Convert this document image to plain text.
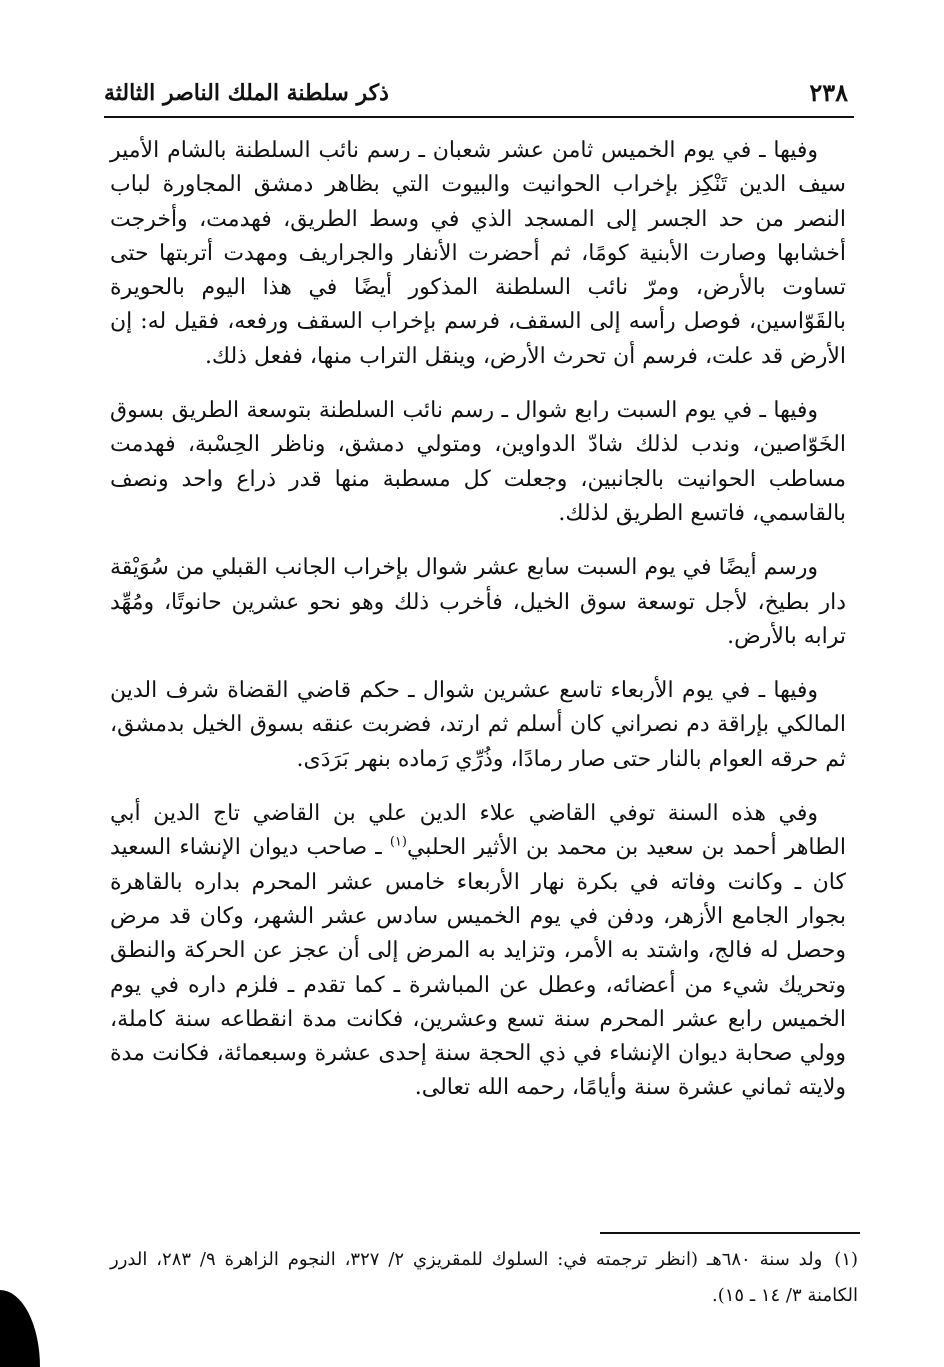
ذكر سلطنة الملك الناصر الثالثة	٢٣٨

وفيها ـ في يوم الخميس ثامن عشر شعبان ـ رسم نائب السلطنة بالشام الأمير سيف الدين تَنْكِز بإخراب الحوانيت والبيوت التي بظاهر دمشق المجاورة لباب النصر من حد الجسر إلى المسجد الذي في وسط الطريق، فهدمت، وأخرجت أخشابها وصارت الأبنية كومًا، ثم أحضرت الأنفار والجراريف ومهدت أتربتها حتى تساوت بالأرض، ومرّ نائب السلطنة المذكور أيضًا في هذا اليوم بالحويرة بالقَوّاسين، فوصل رأسه إلى السقف، فرسم بإخراب السقف ورفعه، فقيل له: إن الأرض قد علت، فرسم أن تحرث الأرض، وينقل التراب منها، ففعل ذلك.

وفيها ـ في يوم السبت رابع شوال ـ رسم نائب السلطنة بتوسعة الطريق بسوق الخَوّاصين، وندب لذلك شادّ الدواوين، ومتولي دمشق، وناظر الحِسْبة، فهدمت مساطب الحوانيت بالجانبين، وجعلت كل مسطبة منها قدر ذراع واحد ونصف بالقاسمي، فاتسع الطريق لذلك.

ورسم أيضًا في يوم السبت سابع عشر شوال بإخراب الجانب القبلي من سُوَيْقة دار بطيخ، لأجل توسعة سوق الخيل، فأخرب ذلك وهو نحو عشرين حانوتًا، ومُهِّد ترابه بالأرض.

وفيها ـ في يوم الأربعاء تاسع عشرين شوال ـ حكم قاضي القضاة شرف الدين المالكي بإراقة دم نصراني كان أسلم ثم ارتد، فضربت عنقه بسوق الخيل بدمشق، ثم حرقه العوام بالنار حتى صار رمادًا، وذُرِّي رَماده بنهر بَرَدَى.

وفي هذه السنة توفي القاضي علاء الدين علي بن القاضي تاج الدين أبي الطاهر أحمد بن سعيد بن محمد بن الأثير الحلبي$^{(١)}$ ـ صاحب ديوان الإنشاء السعيد كان ـ وكانت وفاته في بكرة نهار الأربعاء خامس عشر المحرم بداره بالقاهرة بجوار الجامع الأزهر، ودفن في يوم الخميس سادس عشر الشهر، وكان قد مرض وحصل له فالج، واشتد به الأمر، وتزايد به المرض إلى أن عجز عن الحركة والنطق وتحريك شيء من أعضائه، وعطل عن المباشرة ـ كما تقدم ـ فلزم داره في يوم الخميس رابع عشر المحرم سنة تسع وعشرين، فكانت مدة انقطاعه سنة كاملة، وولي صحابة ديوان الإنشاء في ذي الحجة سنة إحدى عشرة وسبعمائة، فكانت مدة ولايته ثماني عشرة سنة وأيامًا، رحمه الله تعالى.

(١)ولد سنة ٦٨٠هـ (انظر ترجمته في: السلوك للمقريزي ٢/ ٣٢٧، النجوم الزاهرة ٩/ ٢٨٣، الدرر الكامنة ٣/ ١٤ ـ ١٥).
